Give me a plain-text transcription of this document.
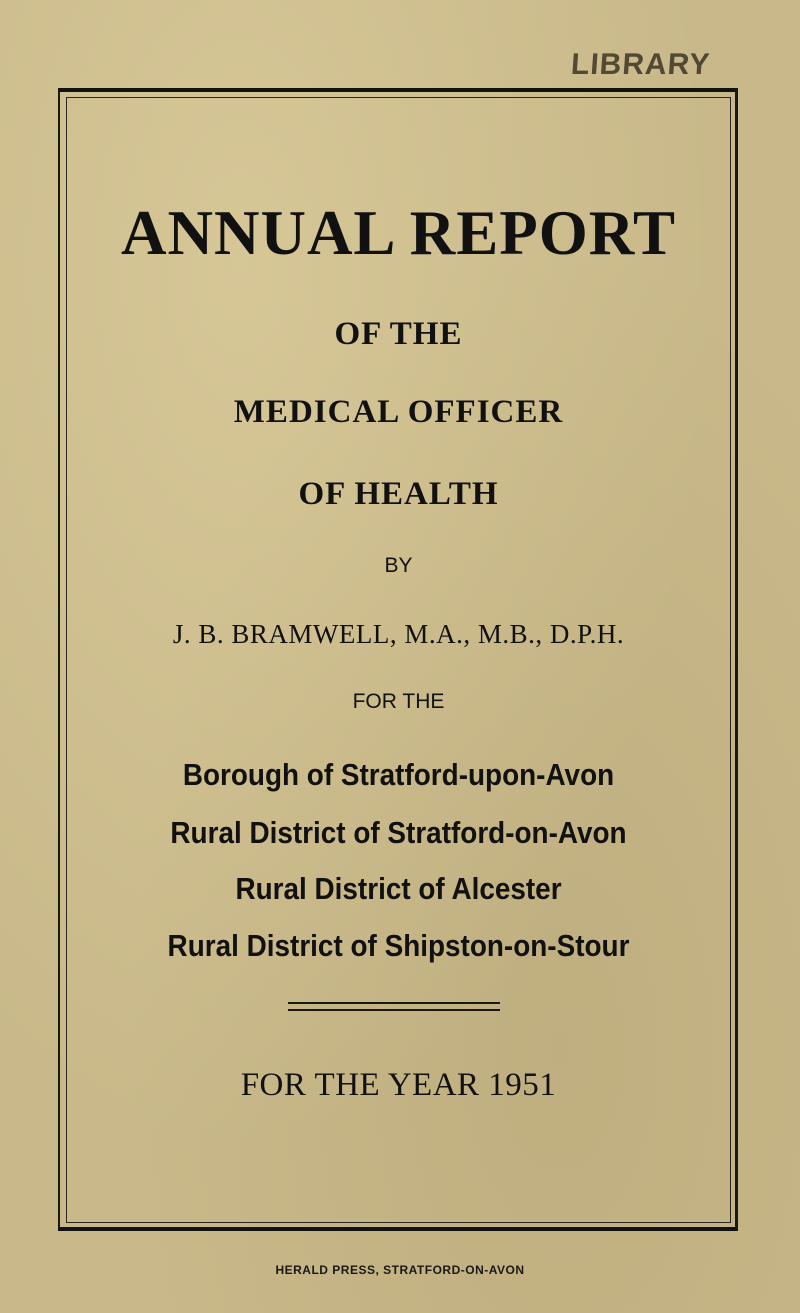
LIBRARY
ANNUAL REPORT
OF THE
MEDICAL OFFICER
OF HEALTH
BY
J. B. BRAMWELL, M.A., M.B., D.P.H.
FOR THE
Borough of Stratford-upon-Avon
Rural District of Stratford-on-Avon
Rural District of Alcester
Rural District of Shipston-on-Stour
FOR THE YEAR 1951
HERALD PRESS, STRATFORD-ON-AVON
